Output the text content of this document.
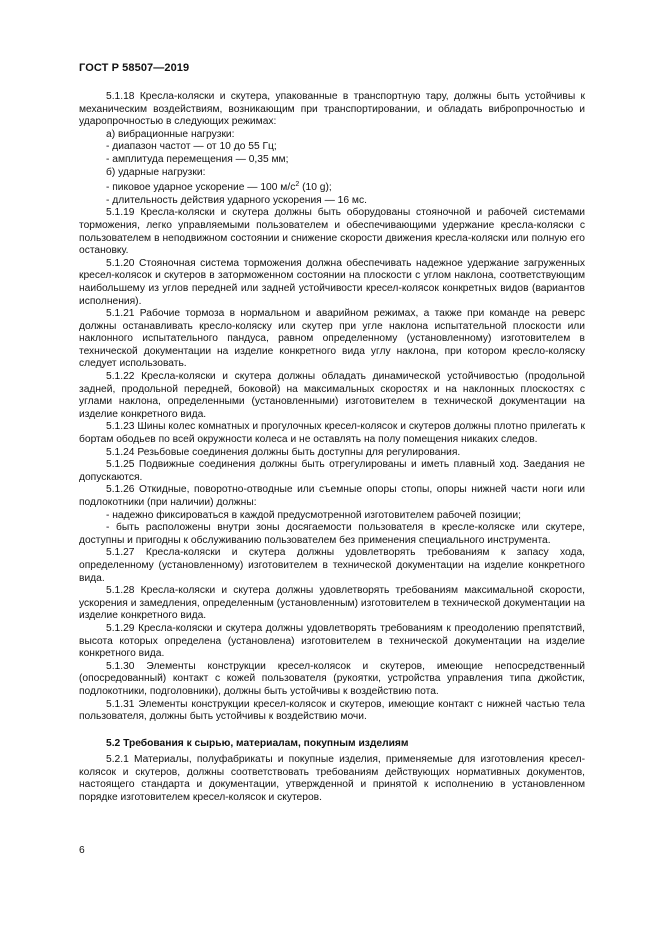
ГОСТ Р 58507—2019

5.1.18 Кресла-коляски и скутера, упакованные в транспортную тару, должны быть устойчивы к механическим воздействиям, возникающим при транспортировании, и обладать вибропрочностью и ударопрочностью в следующих режимах:

а) вибрационные нагрузки:

- диапазон частот — от 10 до 55 Гц;

- амплитуда перемещения — 0,35 мм;

б) ударные нагрузки:

- пиковое ударное ускорение — 100 $м/с^2$ (10 g);

- длительность действия ударного ускорения — 16 мс.

5.1.19 Кресла-коляски и скутера должны быть оборудованы стояночной и рабочей системами торможения, легко управляемыми пользователем и обеспечивающими удержание кресла-коляски с пользователем в неподвижном состоянии и снижение скорости движения кресла-коляски или полную его остановку.

5.1.20 Стояночная система торможения должна обеспечивать надежное удержание загруженных кресел-колясок и скутеров в заторможенном состоянии на плоскости с углом наклона, соответствующим наибольшему из углов передней или задней устойчивости кресел-колясок конкретных видов (вариантов исполнения).

5.1.21 Рабочие тормоза в нормальном и аварийном режимах, а также при команде на реверс должны останавливать кресло-коляску или скутер при угле наклона испытательной плоскости или наклонного испытательного пандуса, равном определенному (установленному) изготовителем в технической документации на изделие конкретного вида углу наклона, при котором кресло-коляску следует использовать.

5.1.22 Кресла-коляски и скутера должны обладать динамической устойчивостью (продольной задней, продольной передней, боковой) на максимальных скоростях и на наклонных плоскостях с углами наклона, определенными (установленными) изготовителем в технической документации на изделие конкретного вида.

5.1.23 Шины колес комнатных и прогулочных кресел-колясок и скутеров должны плотно прилегать к бортам ободьев по всей окружности колеса и не оставлять на полу помещения никаких следов.

5.1.24 Резьбовые соединения должны быть доступны для регулирования.

5.1.25 Подвижные соединения должны быть отрегулированы и иметь плавный ход. Заедания не допускаются.

5.1.26 Откидные, поворотно-отводные или съемные опоры стопы, опоры нижней части ноги или подлокотники (при наличии) должны:

- надежно фиксироваться в каждой предусмотренной изготовителем рабочей позиции;

- быть расположены внутри зоны досягаемости пользователя в кресле-коляске или скутере, доступны и пригодны к обслуживанию пользователем без применения специального инструмента.

5.1.27 Кресла-коляски и скутера должны удовлетворять требованиям к запасу хода, определенному (установленному) изготовителем в технической документации на изделие конкретного вида.

5.1.28 Кресла-коляски и скутера должны удовлетворять требованиям максимальной скорости, ускорения и замедления, определенным (установленным) изготовителем в технической документации на изделие конкретного вида.

5.1.29 Кресла-коляски и скутера должны удовлетворять требованиям к преодолению препятствий, высота которых определена (установлена) изготовителем в технической документации на изделие конкретного вида.

5.1.30 Элементы конструкции кресел-колясок и скутеров, имеющие непосредственный (опосредованный) контакт с кожей пользователя (рукоятки, устройства управления типа джойстик, подлокотники, подголовники), должны быть устойчивы к воздействию пота.

5.1.31 Элементы конструкции кресел-колясок и скутеров, имеющие контакт с нижней частью тела пользователя, должны быть устойчивы к воздействию мочи.

5.2 Требования к сырью, материалам, покупным изделиям

5.2.1 Материалы, полуфабрикаты и покупные изделия, применяемые для изготовления кресел-колясок и скутеров, должны соответствовать требованиям действующих нормативных документов, настоящего стандарта и документации, утвержденной и принятой к исполнению в установленном порядке изготовителем кресел-колясок и скутеров.

6
